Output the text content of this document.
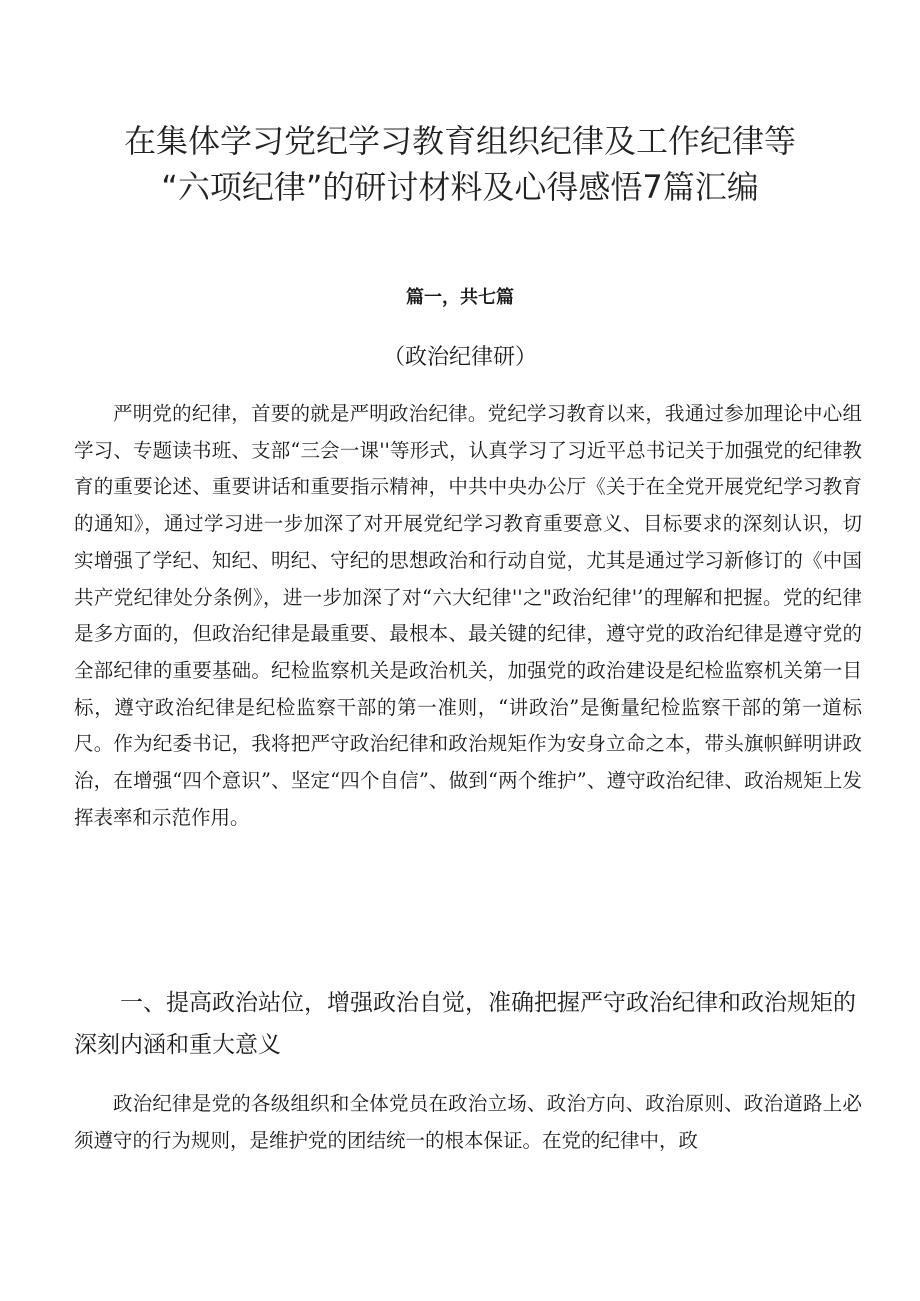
在集体学习党纪学习教育组织纪律及工作纪律等
“六项纪律”的研讨材料及心得感悟7篇汇编
篇一，共七篇
（政治纪律研）

严明党的纪律，首要的就是严明政治纪律。党纪学习教育以来，我通过参加理论中心组学习、专题读书班、支部“三会一课''等形式，认真学习了习近平总书记关于加强党的纪律教育的重要论述、重要讲话和重要指示精神，中共中央办公厅《关于在全党开展党纪学习教育的通知》，通过学习进一步加深了对开展党纪学习教育重要意义、目标要求的深刻认识，切实增强了学纪、知纪、明纪、守纪的思想政治和行动自觉，尤其是通过学习新修订的《中国共产党纪律处分条例》，进一步加深了对“六大纪律''之"政治纪律'’的理解和把握。党的纪律是多方面的，但政治纪律是最重要、最根本、最关键的纪律，遵守党的政治纪律是遵守党的全部纪律的重要基础。纪检监察机关是政治机关，加强党的政治建设是纪检监察机关第一目标，遵守政治纪律是纪检监察干部的第一准则，“讲政治”是衡量纪检监察干部的第一道标尺。作为纪委书记，我将把严守政治纪律和政治规矩作为安身立命之本，带头旗帜鲜明讲政治，在增强“四个意识”、坚定“四个自信”、做到“两个维护”、遵守政治纪律、政治规矩上发挥表率和示范作用。

一、提高政治站位，增强政治自觉，准确把握严守政治纪律和政治规矩的深刻内涵和重大意义

政治纪律是党的各级组织和全体党员在政治立场、政治方向、政治原则、政治道路上必须遵守的行为规则，是维护党的团结统一的根本保证。在党的纪律中，政
